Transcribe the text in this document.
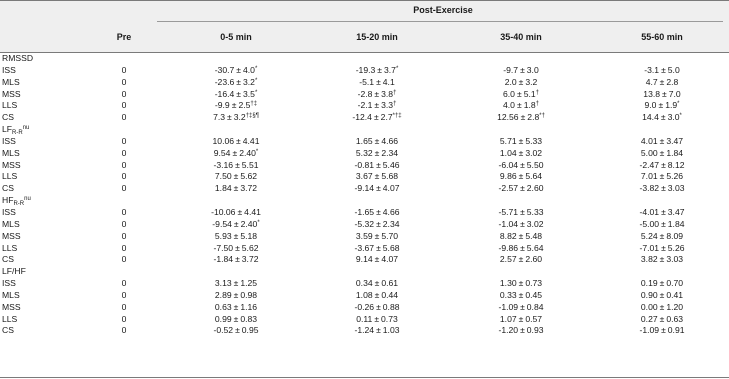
Post-Exercise
Pre	0-5 min	15-20 min	35-40 min	55-60 min
RMSSD
ISS	0	-30.7 ± 4.0*	-19.3 ± 3.7*	-9.7 ± 3.0	-3.1 ± 5.0
MLS	0	-23.6 ± 3.2*	-5.1 ± 4.1	2.0 ± 3.2	4.7 ± 2.8
MSS	0	-16.4 ± 3.5*	-2.8 ± 3.8†	6.0 ± 5.1†	13.8 ± 7.0
LLS	0	-9.9 ± 2.5†‡	-2.1 ± 3.3†	4.0 ± 1.8†	9.0 ± 1.9*
CS	0	7.3 ± 3.2†‡§¶	-12.4 ± 2.7*†‡	12.56 ± 2.8*†	14.4 ± 3.0*
$LF_{R-R}^{nu}$
ISS	0	10.06 ± 4.41	1.65 ± 4.66	5.71 ± 5.33	4.01 ± 3.47
MLS	0	9.54 ± 2.40*	5.32 ± 2.34	1.04 ± 3.02	5.00 ± 1.84
MSS	0	-3.16 ± 5.51	-0.81 ± 5.46	-6.04 ± 5.50	-2.47 ± 8.12
LLS	0	7.50 ± 5.62	3.67 ± 5.68	9.86 ± 5.64	7.01 ± 5.26
CS	0	1.84 ± 3.72	-9.14 ± 4.07	-2.57 ± 2.60	-3.82 ± 3.03
$HF_{R-R}^{nu}$
ISS	0	-10.06 ± 4.41	-1.65 ± 4.66	-5.71 ± 5.33	-4.01 ± 3.47
MLS	0	-9.54 ± 2.40*	-5.32 ± 2.34	-1.04 ± 3.02	-5.00 ± 1.84
MSS	0	5.93 ± 5.18	3.59 ± 5.70	8.82 ± 5.48	5.24 ± 8.09
LLS	0	-7.50 ± 5.62	-3.67 ± 5.68	-9.86 ± 5.64	-7.01 ± 5.26
CS	0	-1.84 ± 3.72	9.14 ± 4.07	2.57 ± 2.60	3.82 ± 3.03
LF/HF
ISS	0	3.13 ± 1.25	0.34 ± 0.61	1.30 ± 0.73	0.19 ± 0.70
MLS	0	2.89 ± 0.98	1.08 ± 0.44	0.33 ± 0.45	0.90 ± 0.41
MSS	0	0.63 ± 1.16	-0.26 ± 0.88	-1.09 ± 0.84	0.00 ± 1.20
LLS	0	0.99 ± 0.83	0.11 ± 0.73	1.07 ± 0.57	0.27 ± 0.63
CS	0	-0.52 ± 0.95	-1.24 ± 1.03	-1.20 ± 0.93	-1.09 ± 0.91
